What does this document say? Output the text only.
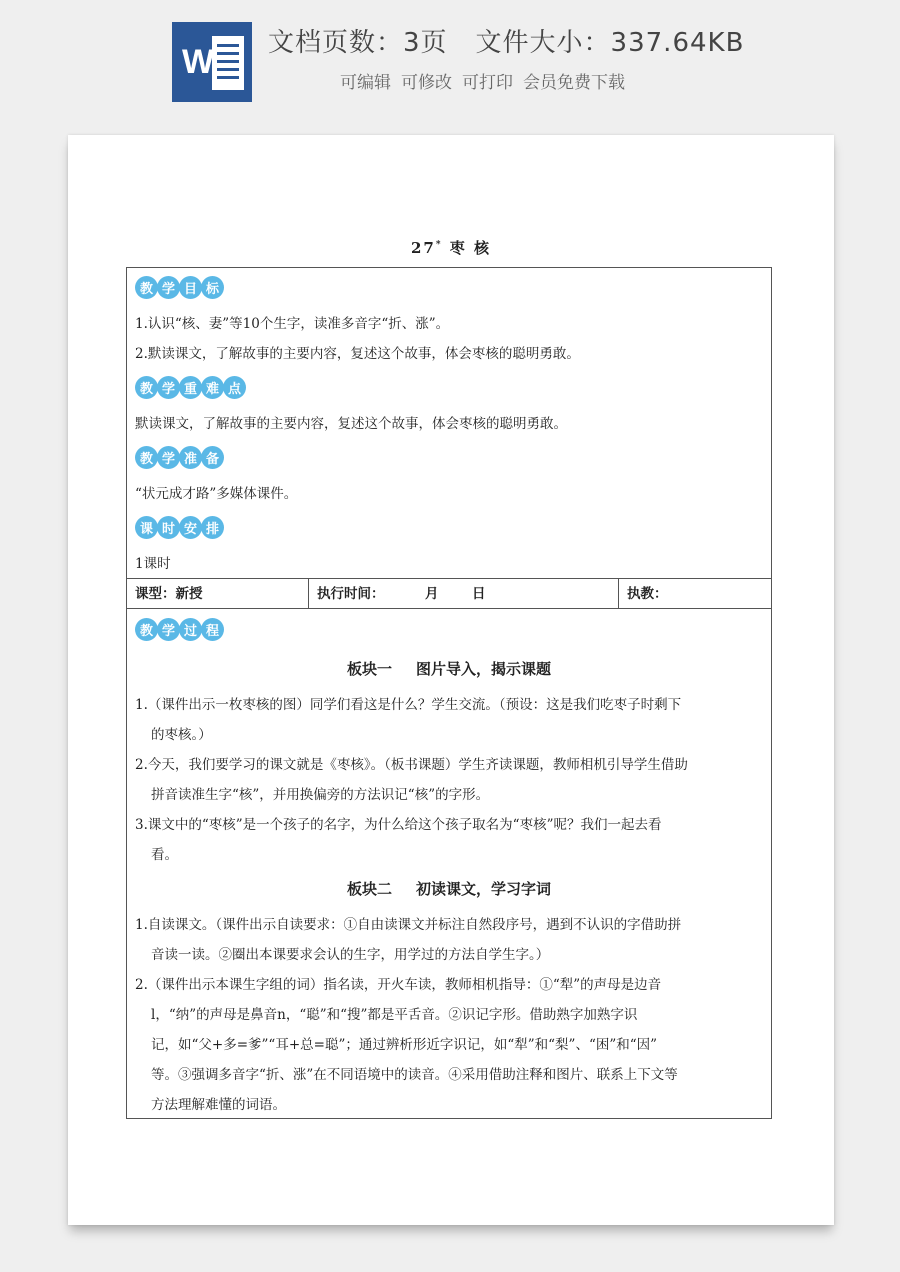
W 文档页数：3页 文件大小：337.64KB
可编辑 可修改 可打印 会员免费下载
27* 枣 核
教 学 目 标
1.认识“核、妻”等10个生字，读准多音字“折、涨”。
2.默读课文，了解故事的主要内容，复述这个故事，体会枣核的聪明勇敢。
教 学 重 难 点
默读课文，了解故事的主要内容，复述这个故事，体会枣核的聪明勇敢。
教 学 准 备
“状元成才路”多媒体课件。
课 时 安 排
1课时
课型：新授	执行时间：	月 日	执教：
教 学 过 程
板块一 图片导入，揭示课题
1.（课件出示一枚枣核的图）同学们看这是什么？学生交流。（预设：这是我们吃枣子时剩下
的枣核。）
2.今天，我们要学习的课文就是《枣核》。（板书课题）学生齐读课题，教师相机引导学生借助
拼音读准生字“核”，并用换偏旁的方法识记“核”的字形。
3.课文中的“枣核”是一个孩子的名字，为什么给这个孩子取名为“枣核”呢？我们一起去看
看。
板块二 初读课文，学习字词
1.自读课文。（课件出示自读要求：①自由读课文并标注自然段序号，遇到不认识的字借助拼
音读一读。②圈出本课要求会认的生字，用学过的方法自学生字。）
2.（课件出示本课生字组的词）指名读，开火车读，教师相机指导：①“犁”的声母是边音
l，“纳”的声母是鼻音n，“聪”和“搜”都是平舌音。②识记字形。借助熟字加熟字识
记，如“父+多=爹”“耳+总=聪”；通过辨析形近字识记，如“犁”和“梨”、“困”和“因”
等。③强调多音字“折、涨”在不同语境中的读音。④采用借助注释和图片、联系上下文等
方法理解难懂的词语。
